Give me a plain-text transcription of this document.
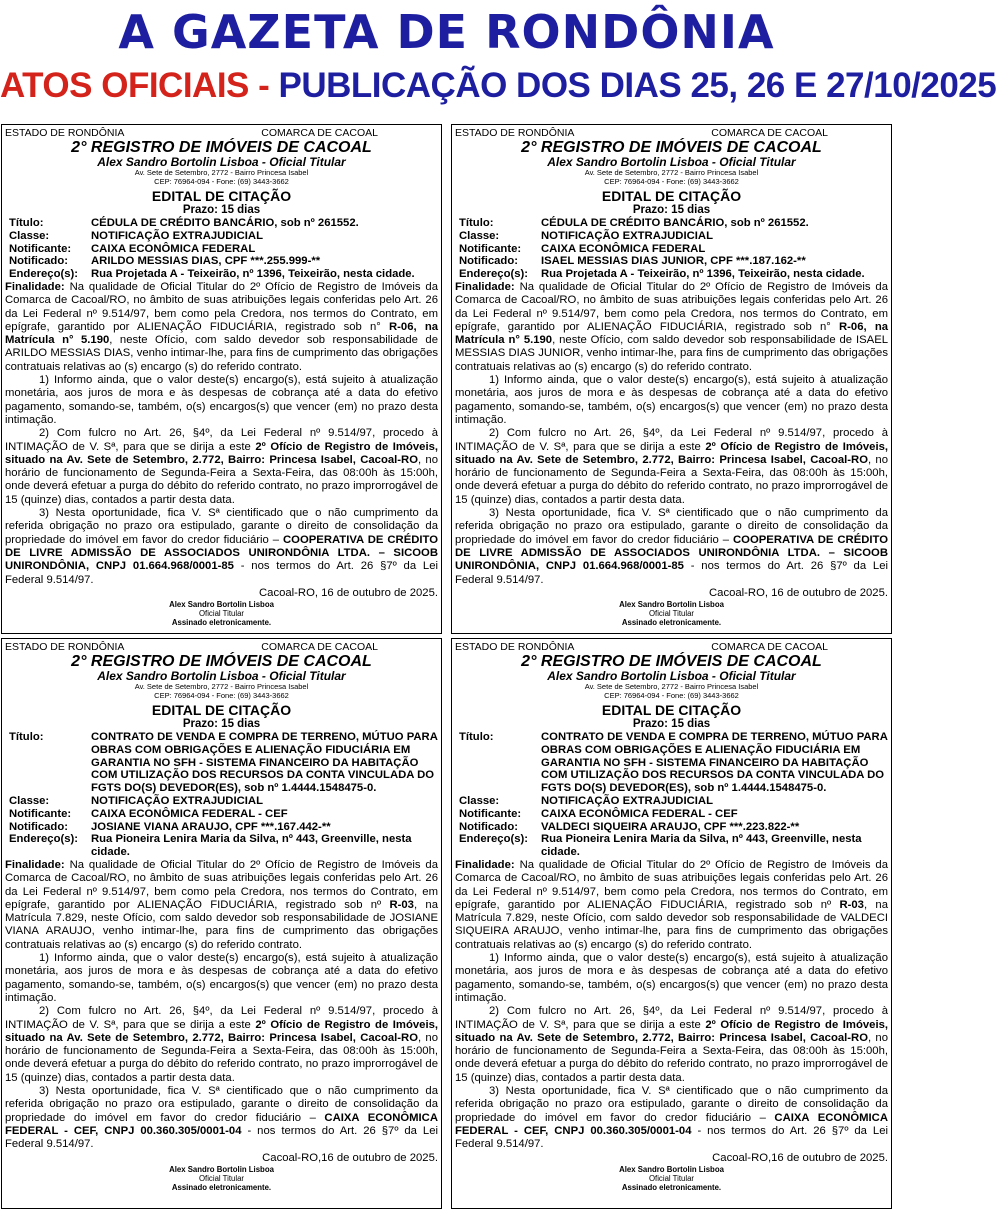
A GAZETA DE RONDÔNIA
ATOS OFICIAIS - PUBLICAÇÃO DOS DIAS 25, 26 E 27/10/2025
ESTADO DE RONDÔNIA	COMARCA DE CACOAL
2° REGISTRO DE IMÓVEIS DE CACOAL
Alex Sandro Bortolin Lisboa - Oficial Titular
Av. Sete de Setembro, 2772 - Bairro Princesa Isabel
CEP: 76964-094 - Fone: (69) 3443-3662
EDITAL DE CITAÇÃO
Prazo: 15 dias
Título:	CÉDULA DE CRÉDITO BANCÁRIO, sob nº 261552.
Classe:	NOTIFICAÇÃO EXTRAJUDICIAL
Notificante:	CAIXA ECONÔMICA FEDERAL
Notificado:	ARILDO MESSIAS DIAS, CPF ***.255.999-**
Endereço(s):	Rua Projetada A - Teixeirão, nº 1396, Teixeirão, nesta cidade.

Finalidade: Na qualidade de Oficial Titular do 2º Ofício de Registro de Imóveis da Comarca de Cacoal/RO, no âmbito de suas atribuições legais conferidas pelo Art. 26 da Lei Federal nº 9.514/97, bem como pela Credora, nos termos do Contrato, em epígrafe, garantido por ALIENAÇÃO FIDUCIÁRIA, registrado sob n° R-06, na Matrícula n° 5.190, neste Ofício, com saldo devedor sob responsabilidade de ARILDO MESSIAS DIAS, venho intimar-lhe, para fins de cumprimento das obrigações contratuais relativas ao (s) encargo (s) do referido contrato.

1) Informo ainda, que o valor deste(s) encargo(s), está sujeito à atualização monetária, aos juros de mora e às despesas de cobrança até a data do efetivo pagamento, somando-se, também, o(s) encargos(s) que vencer (em) no prazo desta intimação.

2) Com fulcro no Art. 26, §4º, da Lei Federal nº 9.514/97, procedo à INTIMAÇÃO de V. Sª, para que se dirija a este 2º Ofício de Registro de Imóveis, situado na Av. Sete de Setembro, 2.772, Bairro: Princesa Isabel, Cacoal-RO, no horário de funcionamento de Segunda-Feira a Sexta-Feira, das 08:00h às 15:00h, onde deverá efetuar a purga do débito do referido contrato, no prazo improrrogável de 15 (quinze) dias, contados a partir desta data.

3) Nesta oportunidade, fica V. Sª cientificado que o não cumprimento da referida obrigação no prazo ora estipulado, garante o direito de consolidação da propriedade do imóvel em favor do credor fiduciário – COOPERATIVA DE CRÉDITO DE LIVRE ADMISSÃO DE ASSOCIADOS UNIRONDÔNIA LTDA. – SICOOB UNIRONDÔNIA, CNPJ 01.664.968/0001-85 - nos termos do Art. 26 §7º da Lei Federal 9.514/97.

Cacoal-RO, 16 de outubro de 2025.

Alex Sandro Bortolin Lisboa
Oficial Titular
Assinado eletronicamente.
ESTADO DE RONDÔNIA	COMARCA DE CACOAL
2° REGISTRO DE IMÓVEIS DE CACOAL
Alex Sandro Bortolin Lisboa - Oficial Titular
Av. Sete de Setembro, 2772 - Bairro Princesa Isabel
CEP: 76964-094 - Fone: (69) 3443-3662
EDITAL DE CITAÇÃO
Prazo: 15 dias
Título:	CÉDULA DE CRÉDITO BANCÁRIO, sob nº 261552.
Classe:	NOTIFICAÇÃO EXTRAJUDICIAL
Notificante:	CAIXA ECONÔMICA FEDERAL
Notificado:	ISAEL MESSIAS DIAS JUNIOR, CPF ***.187.162-**
Endereço(s):	Rua Projetada A - Teixeirão, nº 1396, Teixeirão, nesta cidade.

Finalidade: Na qualidade de Oficial Titular do 2º Ofício de Registro de Imóveis da Comarca de Cacoal/RO, no âmbito de suas atribuições legais conferidas pelo Art. 26 da Lei Federal nº 9.514/97, bem como pela Credora, nos termos do Contrato, em epígrafe, garantido por ALIENAÇÃO FIDUCIÁRIA, registrado sob n° R-06, na Matrícula n° 5.190, neste Ofício, com saldo devedor sob responsabilidade de ISAEL MESSIAS DIAS JUNIOR, venho intimar-lhe, para fins de cumprimento das obrigações contratuais relativas ao (s) encargo (s) do referido contrato.

1) Informo ainda, que o valor deste(s) encargo(s), está sujeito à atualização monetária, aos juros de mora e às despesas de cobrança até a data do efetivo pagamento, somando-se, também, o(s) encargos(s) que vencer (em) no prazo desta intimação.

2) Com fulcro no Art. 26, §4º, da Lei Federal nº 9.514/97, procedo à INTIMAÇÃO de V. Sª, para que se dirija a este 2º Ofício de Registro de Imóveis, situado na Av. Sete de Setembro, 2.772, Bairro: Princesa Isabel, Cacoal-RO, no horário de funcionamento de Segunda-Feira a Sexta-Feira, das 08:00h às 15:00h, onde deverá efetuar a purga do débito do referido contrato, no prazo improrrogável de 15 (quinze) dias, contados a partir desta data.

3) Nesta oportunidade, fica V. Sª cientificado que o não cumprimento da referida obrigação no prazo ora estipulado, garante o direito de consolidação da propriedade do imóvel em favor do credor fiduciário – COOPERATIVA DE CRÉDITO DE LIVRE ADMISSÃO DE ASSOCIADOS UNIRONDÔNIA LTDA. – SICOOB UNIRONDÔNIA, CNPJ 01.664.968/0001-85 - nos termos do Art. 26 §7º da Lei Federal 9.514/97.

Cacoal-RO, 16 de outubro de 2025.

Alex Sandro Bortolin Lisboa
Oficial Titular
Assinado eletronicamente.
ESTADO DE RONDÔNIA	COMARCA DE CACOAL
2° REGISTRO DE IMÓVEIS DE CACOAL
Alex Sandro Bortolin Lisboa - Oficial Titular
Av. Sete de Setembro, 2772 - Bairro Princesa Isabel
CEP: 76964-094 - Fone: (69) 3443-3662
EDITAL DE CITAÇÃO
Prazo: 15 dias
Título:	CONTRATO DE VENDA E COMPRA DE TERRENO, MÚTUO PARA OBRAS COM OBRIGAÇÕES E ALIENAÇÃO FIDUCIÁRIA EM GARANTIA NO SFH - SISTEMA FINANCEIRO DA HABITAÇÃO COM UTILIZAÇÃO DOS RECURSOS DA CONTA VINCULADA DO FGTS DO(S) DEVEDOR(ES), sob nº 1.4444.1548475-0.
Classe:	NOTIFICAÇÃO EXTRAJUDICIAL
Notificante:	CAIXA ECONÔMICA FEDERAL - CEF
Notificado:	JOSIANE VIANA ARAUJO, CPF ***.167.442-**
Endereço(s):	Rua Pioneira Lenira Maria da Silva, nº 443, Greenville, nesta cidade.

Finalidade: Na qualidade de Oficial Titular do 2º Ofício de Registro de Imóveis da Comarca de Cacoal/RO, no âmbito de suas atribuições legais conferidas pelo Art. 26 da Lei Federal nº 9.514/97, bem como pela Credora, nos termos do Contrato, em epígrafe, garantido por ALIENAÇÃO FIDUCIÁRIA, registrado sob nº R-03, na Matrícula 7.829, neste Ofício, com saldo devedor sob responsabilidade de JOSIANE VIANA ARAUJO, venho intimar-lhe, para fins de cumprimento das obrigações contratuais relativas ao (s) encargo (s) do referido contrato.

1) Informo ainda, que o valor deste(s) encargo(s), está sujeito à atualização monetária, aos juros de mora e às despesas de cobrança até a data do efetivo pagamento, somando-se, também, o(s) encargos(s) que vencer (em) no prazo desta intimação.

2) Com fulcro no Art. 26, §4º, da Lei Federal nº 9.514/97, procedo à INTIMAÇÃO de V. Sª, para que se dirija a este 2º Ofício de Registro de Imóveis, situado na Av. Sete de Setembro, 2.772, Bairro: Princesa Isabel, Cacoal-RO, no horário de funcionamento de Segunda-Feira a Sexta-Feira, das 08:00h às 15:00h, onde deverá efetuar a purga do débito do referido contrato, no prazo improrrogável de 15 (quinze) dias, contados a partir desta data.

3) Nesta oportunidade, fica V. Sª cientificado que o não cumprimento da referida obrigação no prazo ora estipulado, garante o direito de consolidação da propriedade do imóvel em favor do credor fiduciário – CAIXA ECONÔMICA FEDERAL - CEF, CNPJ 00.360.305/0001-04 - nos termos do Art. 26 §7º da Lei Federal 9.514/97.

Cacoal-RO,16 de outubro de 2025.

Alex Sandro Bortolin Lisboa
Oficial Titular
Assinado eletronicamente.
ESTADO DE RONDÔNIA	COMARCA DE CACOAL
2° REGISTRO DE IMÓVEIS DE CACOAL
Alex Sandro Bortolin Lisboa - Oficial Titular
Av. Sete de Setembro, 2772 - Bairro Princesa Isabel
CEP: 76964-094 - Fone: (69) 3443-3662
EDITAL DE CITAÇÃO
Prazo: 15 dias
Título:	CONTRATO DE VENDA E COMPRA DE TERRENO, MÚTUO PARA OBRAS COM OBRIGAÇÕES E ALIENAÇÃO FIDUCIÁRIA EM GARANTIA NO SFH - SISTEMA FINANCEIRO DA HABITAÇÃO COM UTILIZAÇÃO DOS RECURSOS DA CONTA VINCULADA DO FGTS DO(S) DEVEDOR(ES), sob nº 1.4444.1548475-0.
Classe:	NOTIFICAÇÃO EXTRAJUDICIAL
Notificante:	CAIXA ECONÔMICA FEDERAL - CEF
Notificado:	VALDECI SIQUEIRA ARAUJO, CPF ***.223.822-**
Endereço(s):	Rua Pioneira Lenira Maria da Silva, nº 443, Greenville, nesta cidade.

Finalidade: Na qualidade de Oficial Titular do 2º Ofício de Registro de Imóveis da Comarca de Cacoal/RO, no âmbito de suas atribuições legais conferidas pelo Art. 26 da Lei Federal nº 9.514/97, bem como pela Credora, nos termos do Contrato, em epígrafe, garantido por ALIENAÇÃO FIDUCIÁRIA, registrado sob nº R-03, na Matrícula 7.829, neste Ofício, com saldo devedor sob responsabilidade de VALDECI SIQUEIRA ARAUJO, venho intimar-lhe, para fins de cumprimento das obrigações contratuais relativas ao (s) encargo (s) do referido contrato.

1) Informo ainda, que o valor deste(s) encargo(s), está sujeito à atualização monetária, aos juros de mora e às despesas de cobrança até a data do efetivo pagamento, somando-se, também, o(s) encargos(s) que vencer (em) no prazo desta intimação.

2) Com fulcro no Art. 26, §4º, da Lei Federal nº 9.514/97, procedo à INTIMAÇÃO de V. Sª, para que se dirija a este 2º Ofício de Registro de Imóveis, situado na Av. Sete de Setembro, 2.772, Bairro: Princesa Isabel, Cacoal-RO, no horário de funcionamento de Segunda-Feira a Sexta-Feira, das 08:00h às 15:00h, onde deverá efetuar a purga do débito do referido contrato, no prazo improrrogável de 15 (quinze) dias, contados a partir desta data.

3) Nesta oportunidade, fica V. Sª cientificado que o não cumprimento da referida obrigação no prazo ora estipulado, garante o direito de consolidação da propriedade do imóvel em favor do credor fiduciário – CAIXA ECONÔMICA FEDERAL - CEF, CNPJ 00.360.305/0001-04 - nos termos do Art. 26 §7º da Lei Federal 9.514/97.

Cacoal-RO,16 de outubro de 2025.

Alex Sandro Bortolin Lisboa
Oficial Titular
Assinado eletronicamente.
